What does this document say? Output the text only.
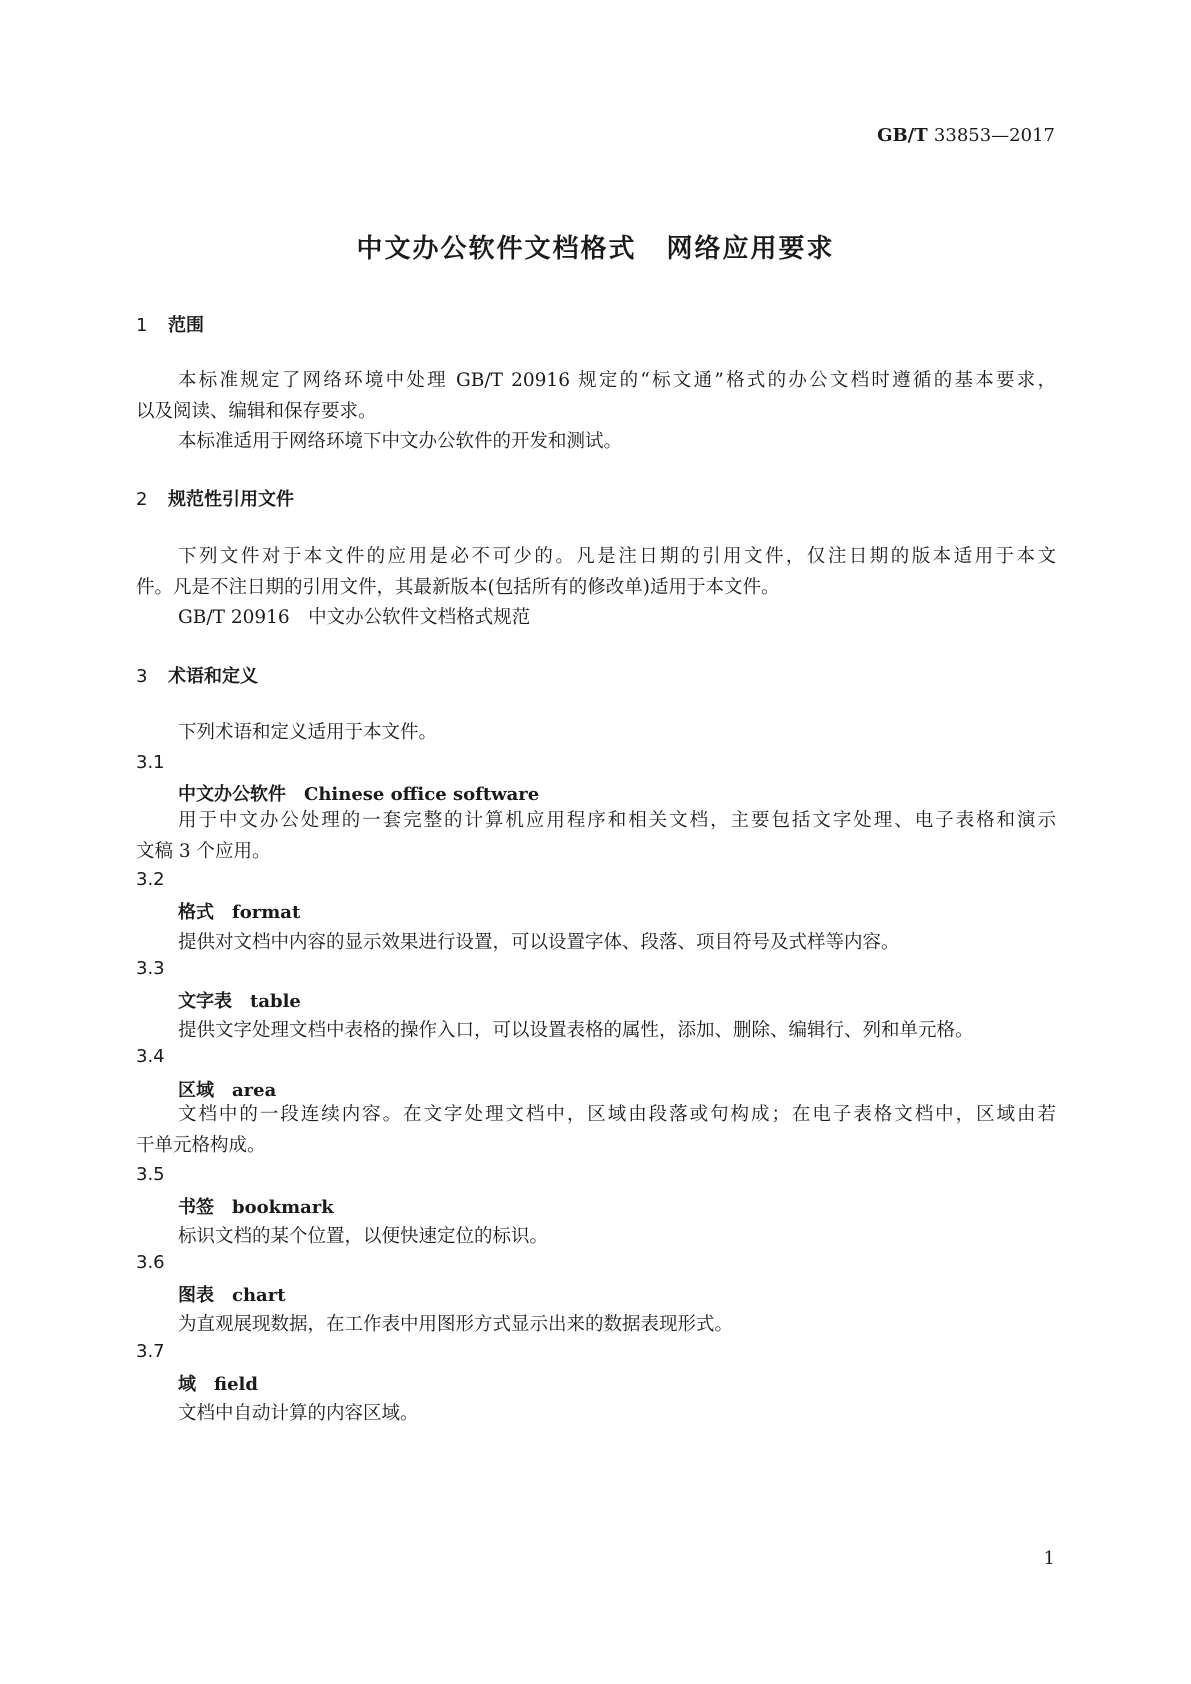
GB/T 33853—2017
中文办公软件文档格式 网络应用要求
1 范围
本标准规定了网络环境中处理 GB/T 20916 规定的“标文通”格式的办公文档时遵循的基本要求，
以及阅读、编辑和保存要求。
本标准适用于网络环境下中文办公软件的开发和测试。
2 规范性引用文件
下列文件对于本文件的应用是必不可少的。凡是注日期的引用文件，仅注日期的版本适用于本文
件。凡是不注日期的引用文件，其最新版本(包括所有的修改单)适用于本文件。
GB/T 20916　中文办公软件文档格式规范
3 术语和定义
下列术语和定义适用于本文件。
3.1
中文办公软件 Chinese office software
用于中文办公处理的一套完整的计算机应用程序和相关文档，主要包括文字处理、电子表格和演示
文稿 3 个应用。
3.2
格式 format
提供对文档中内容的显示效果进行设置，可以设置字体、段落、项目符号及式样等内容。
3.3
文字表 table
提供文字处理文档中表格的操作入口，可以设置表格的属性，添加、删除、编辑行、列和单元格。
3.4
区域 area
文档中的一段连续内容。在文字处理文档中，区域由段落或句构成；在电子表格文档中，区域由若
干单元格构成。
3.5
书签 bookmark
标识文档的某个位置，以便快速定位的标识。
3.6
图表 chart
为直观展现数据，在工作表中用图形方式显示出来的数据表现形式。
3.7
域 field
文档中自动计算的内容区域。
1
